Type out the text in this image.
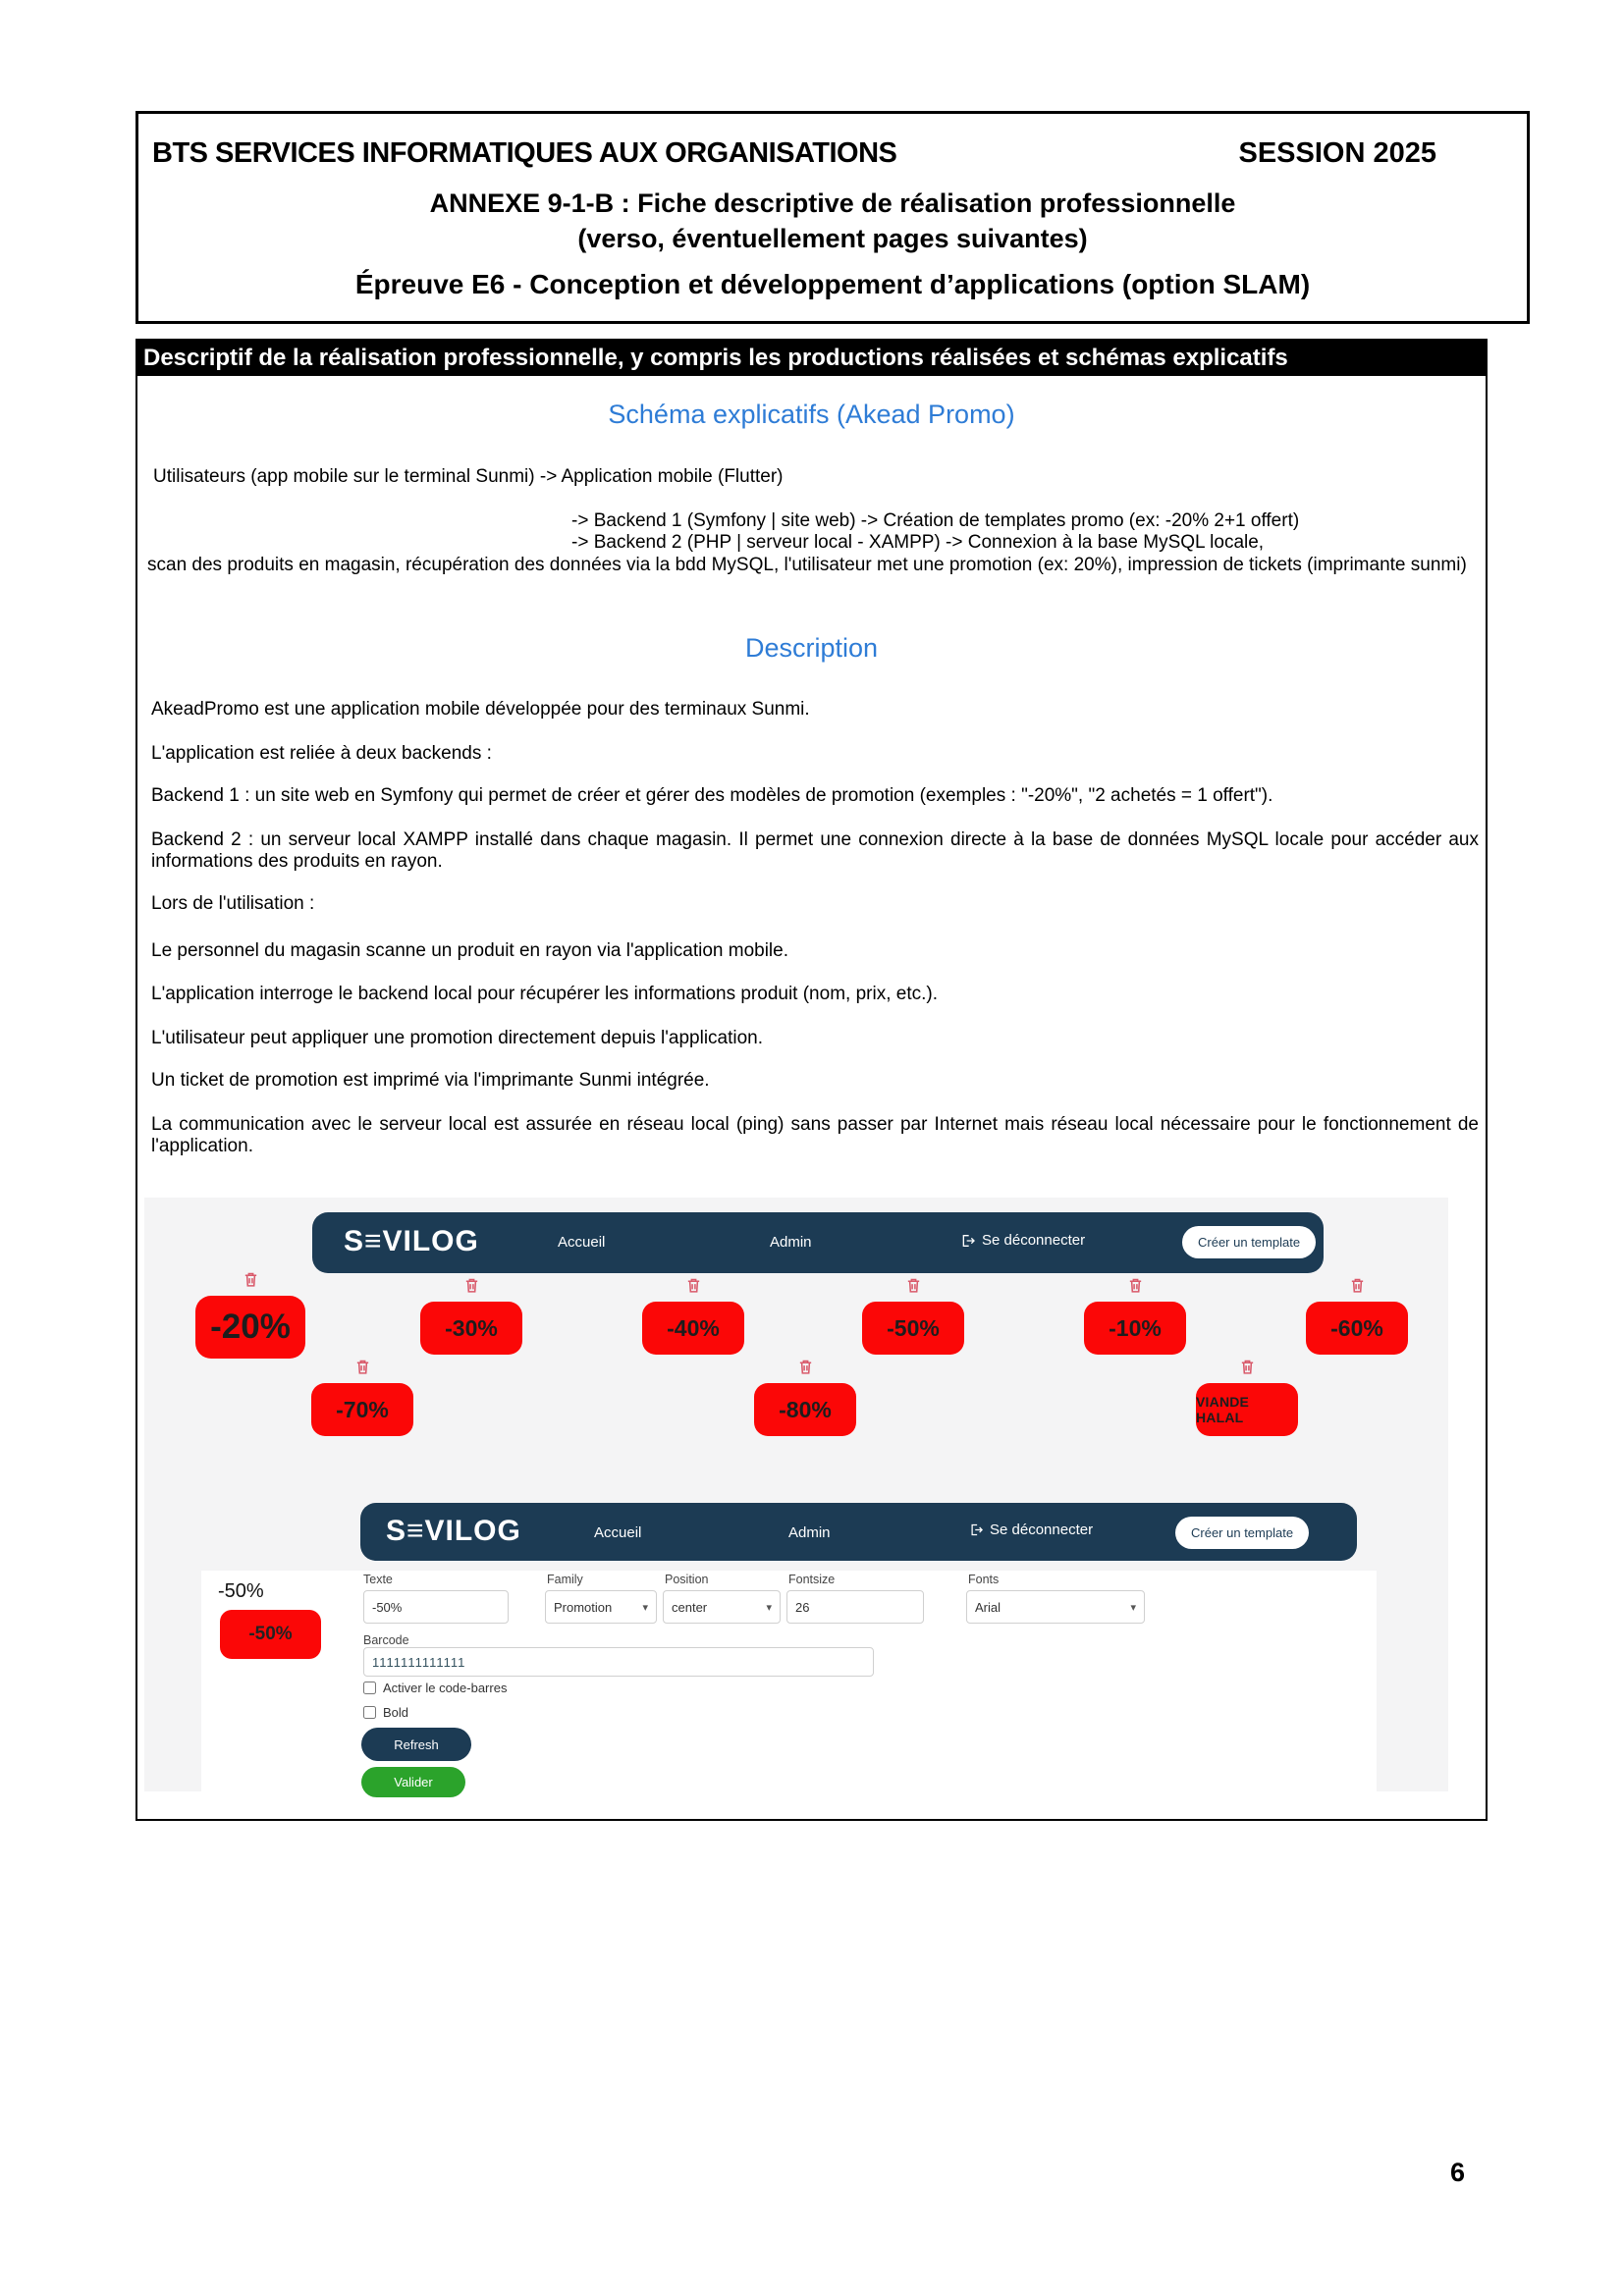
BTS SERVICES INFORMATIQUES AUX ORGANISATIONS	SESSION 2025
ANNEXE 9-1-B : Fiche descriptive de réalisation professionnelle
(verso, éventuellement pages suivantes)
Épreuve E6 - Conception et développement d’applications (option SLAM)
Descriptif de la réalisation professionnelle, y compris les productions réalisées et schémas explicatifs
Schéma explicatifs (Akead Promo)
Utilisateurs (app mobile sur le terminal Sunmi) -> Application mobile (Flutter)
-> Backend 1 (Symfony | site web) -> Création de templates promo (ex: -20% 2+1 offert)
-> Backend 2 (PHP | serveur local - XAMPP) -> Connexion à la base MySQL locale,
scan des produits en magasin, récupération des données via la bdd MySQL, l'utilisateur met une promotion (ex: 20%), impression de tickets (imprimante sunmi)
Description
AkeadPromo est une application mobile développée pour des terminaux Sunmi.
L'application est reliée à deux backends :
Backend 1 : un site web en Symfony qui permet de créer et gérer des modèles de promotion (exemples : "-20%", "2 achetés = 1 offert").
Backend 2 : un serveur local XAMPP installé dans chaque magasin. Il permet une connexion directe à la base de données MySQL locale pour accéder aux informations des produits en rayon.
Lors de l'utilisation :
Le personnel du magasin scanne un produit en rayon via l'application mobile.
L'application interroge le backend local pour récupérer les informations produit (nom, prix, etc.).
L'utilisateur peut appliquer une promotion directement depuis l'application.
Un ticket de promotion est imprimé via l'imprimante Sunmi intégrée.
La communication avec le serveur local est assurée en réseau local (ping) sans passer par Internet mais réseau local nécessaire pour le fonctionnement de l'application.
S≡VILOG	Accueil	Admin	Se déconnecter	Créer un template
-20%	-30%	-40%	-50%	-10%	-60%
-70%	-80%	VIANDE HALAL
S≡VILOG	Accueil	Admin	Se déconnecter	Créer un template
-50%
-50%
Texte	Family	Position	Fontsize	Fonts
-50%
Promotion	▾ center	▾
26	Arial	▾
Barcode
1111111111111
Activer le code-barres
Bold
Refresh
Valider
6
